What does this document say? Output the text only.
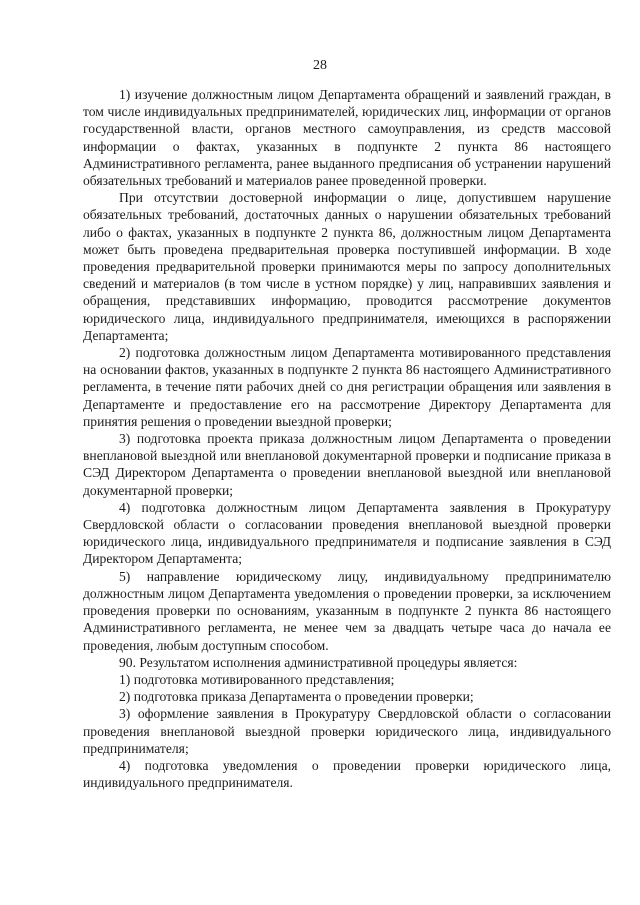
28

1) изучение должностным лицом Департамента обращений и заявлений граждан, в том числе индивидуальных предпринимателей, юридических лиц, информации от органов государственной власти, органов местного самоуправления, из средств массовой информации о фактах, указанных в подпункте 2 пункта 86 настоящего Административного регламента, ранее выданного предписания об устранении нарушений обязательных требований и материалов ранее проведенной проверки.

При отсутствии достоверной информации о лице, допустившем нарушение обязательных требований, достаточных данных о нарушении обязательных требований либо о фактах, указанных в подпункте 2 пункта 86, должностным лицом Департамента может быть проведена предварительная проверка поступившей информации. В ходе проведения предварительной проверки принимаются меры по запросу дополнительных сведений и материалов (в том числе в устном порядке) у лиц, направивших заявления и обращения, представивших информацию, проводится рассмотрение документов юридического лица, индивидуального предпринимателя, имеющихся в распоряжении Департамента;

2) подготовка должностным лицом Департамента мотивированного представления на основании фактов, указанных в подпункте 2 пункта 86 настоящего Административного регламента, в течение пяти рабочих дней со дня регистрации обращения или заявления в Департаменте и предоставление его на рассмотрение Директору Департамента для принятия решения о проведении выездной проверки;

3) подготовка проекта приказа должностным лицом Департамента о проведении внеплановой выездной или внеплановой документарной проверки и подписание приказа в СЭД Директором Департамента о проведении внеплановой выездной или внеплановой документарной проверки;

4) подготовка должностным лицом Департамента заявления в Прокуратуру Свердловской области о согласовании проведения внеплановой выездной проверки юридического лица, индивидуального предпринимателя и подписание заявления в СЭД Директором Департамента;

5) направление юридическому лицу, индивидуальному предпринимателю должностным лицом Департамента уведомления о проведении проверки, за исключением проведения проверки по основаниям, указанным в подпункте 2 пункта 86 настоящего Административного регламента, не менее чем за двадцать четыре часа до начала ее проведения, любым доступным способом.

90. Результатом исполнения административной процедуры является:

1) подготовка мотивированного представления;

2) подготовка приказа Департамента о проведении проверки;

3) оформление заявления в Прокуратуру Свердловской области о согласовании проведения внеплановой выездной проверки юридического лица, индивидуального предпринимателя;

4) подготовка уведомления о проведении проверки юридического лица, индивидуального предпринимателя.
